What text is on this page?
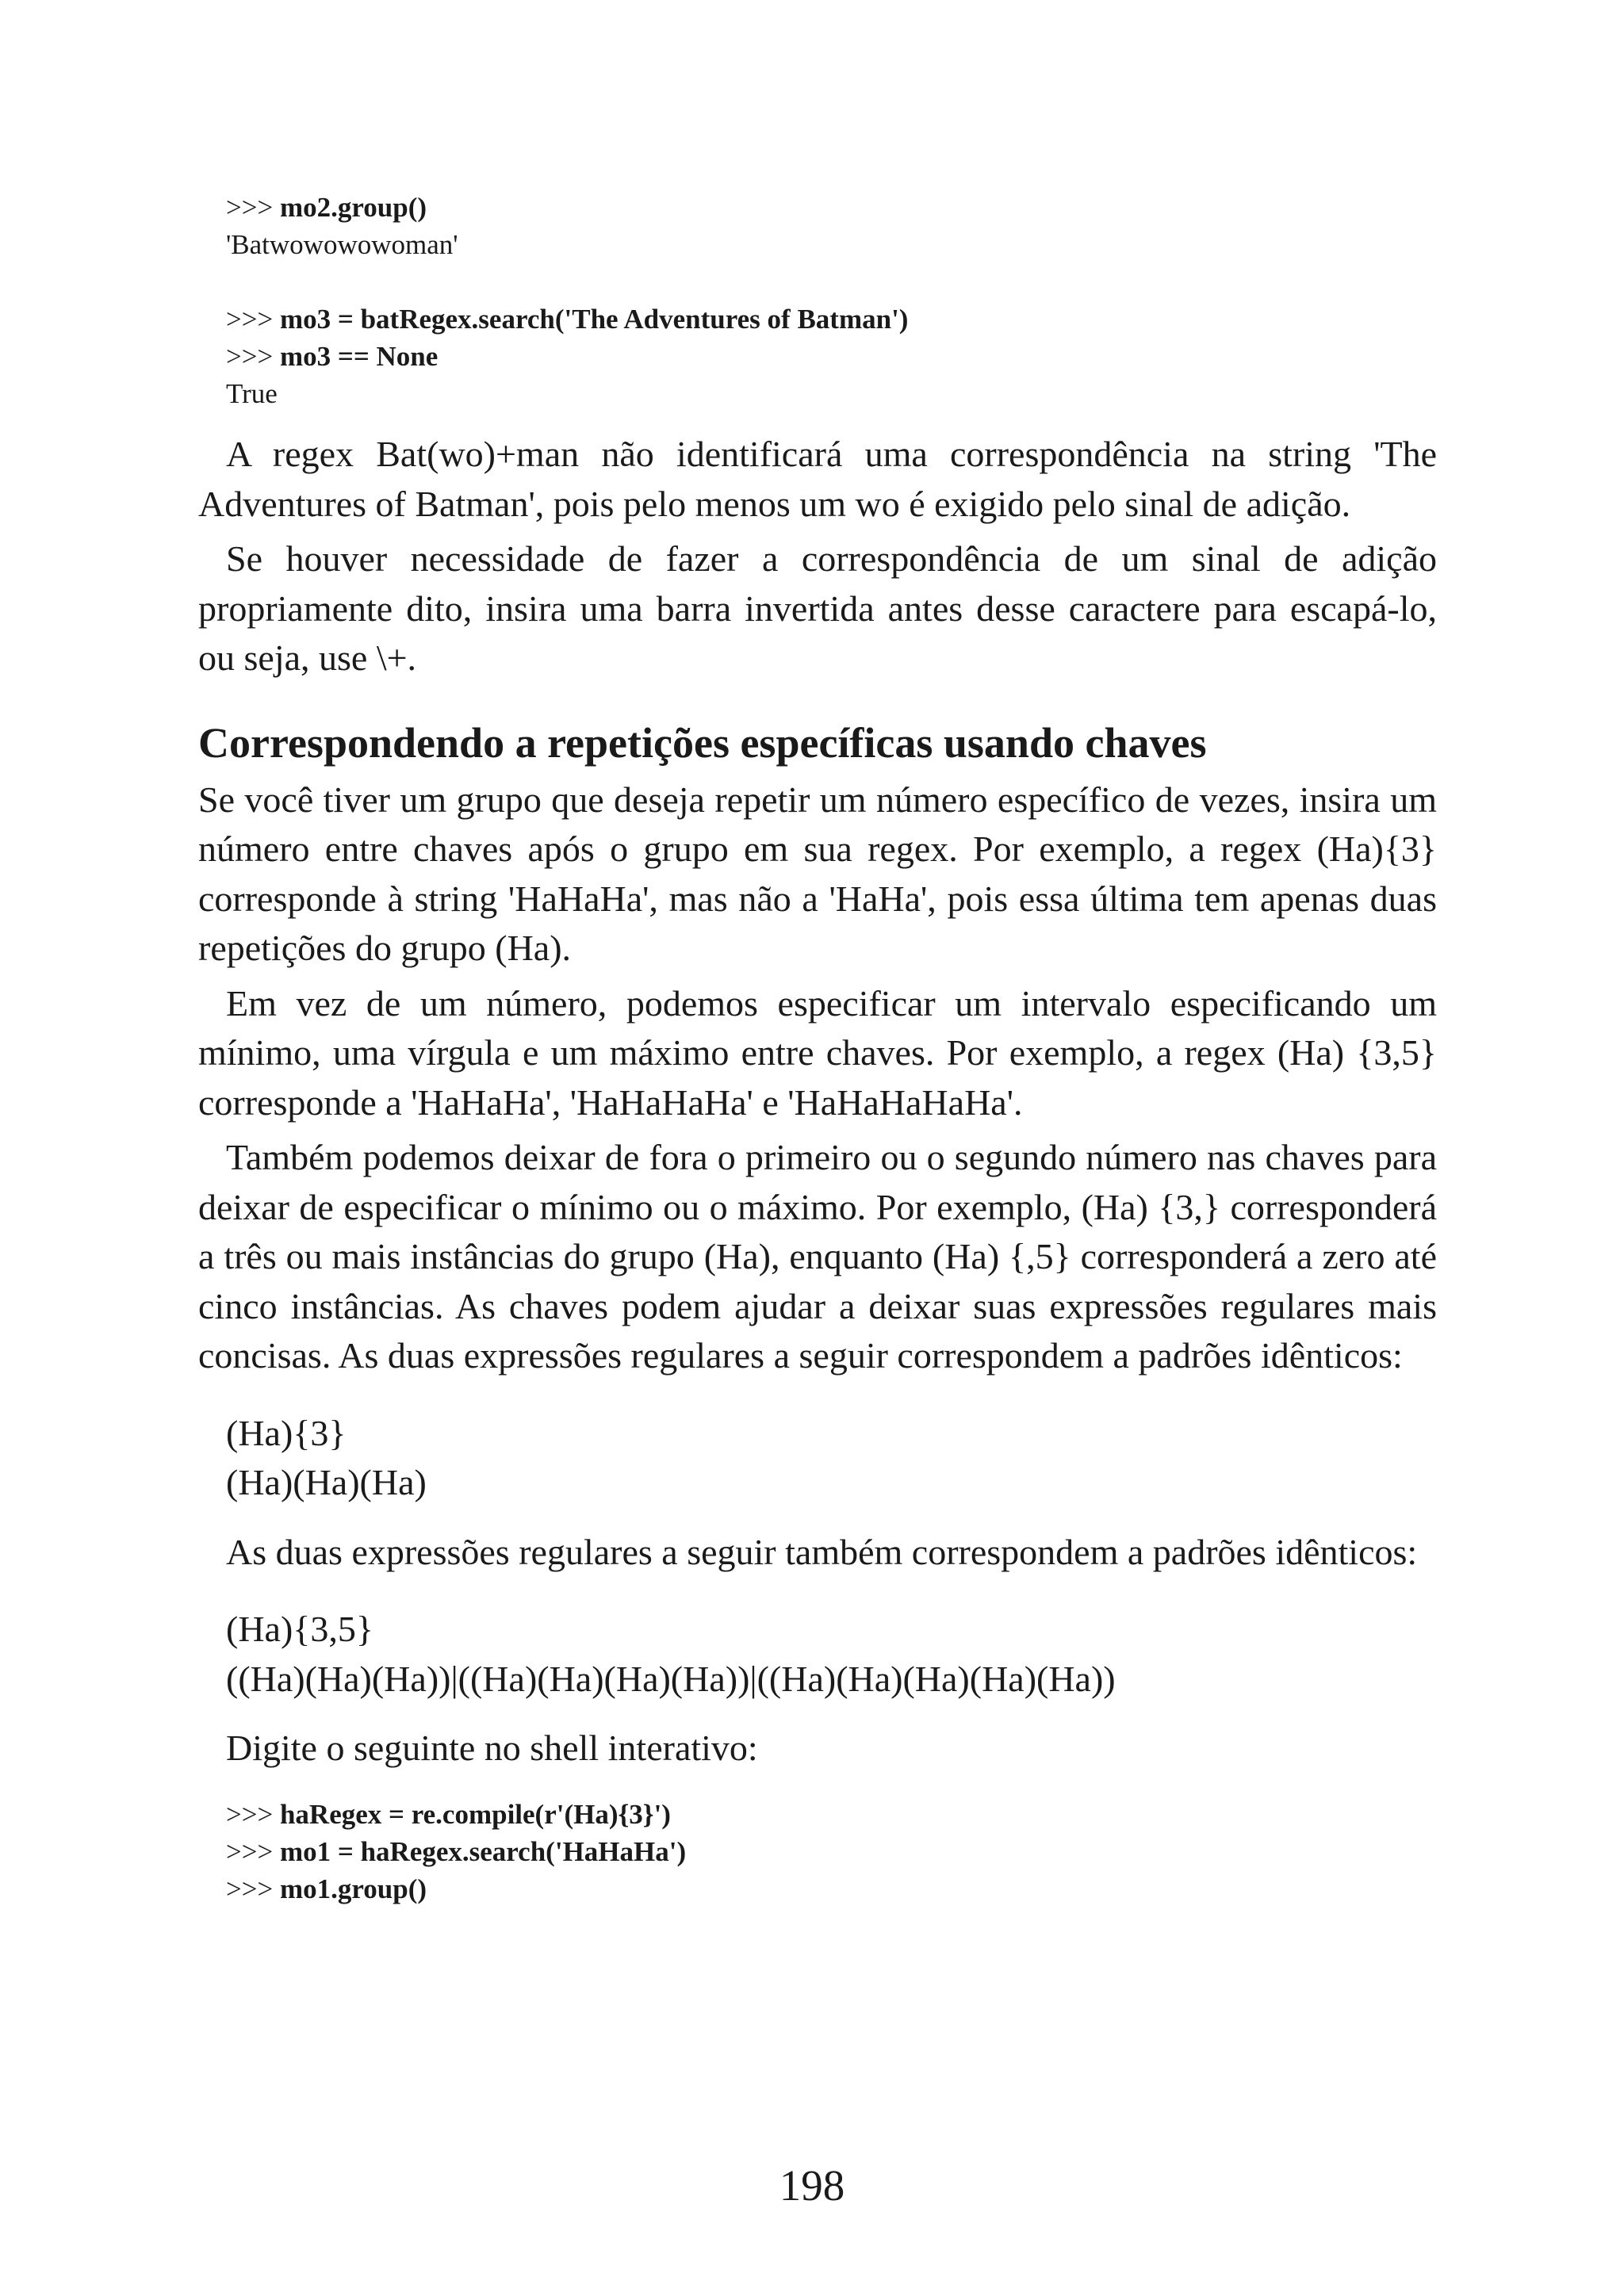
>>> mo2.group()
'Batwowowowoman'
>>> mo3 = batRegex.search('The Adventures of Batman')
>>> mo3 == None
True

A regex Bat(wo)+man não identificará uma correspondência na string 'The Adventures of Batman', pois pelo menos um wo é exigido pelo sinal de adição.

Se houver necessidade de fazer a correspondência de um sinal de adição propriamente dito, insira uma barra invertida antes desse caractere para escapá-lo, ou seja, use \+.

Correspondendo a repetições específicas usando chaves

Se você tiver um grupo que deseja repetir um número específico de vezes, insira um número entre chaves após o grupo em sua regex. Por exemplo, a regex (Ha){3} corresponde à string 'HaHaHa', mas não a 'HaHa', pois essa última tem apenas duas repetições do grupo (Ha).

Em vez de um número, podemos especificar um intervalo especificando um mínimo, uma vírgula e um máximo entre chaves. Por exemplo, a regex (Ha) {3,5} corresponde a 'HaHaHa', 'HaHaHaHa' e 'HaHaHaHaHa'.

Também podemos deixar de fora o primeiro ou o segundo número nas chaves para deixar de especificar o mínimo ou o máximo. Por exemplo, (Ha) {3,} corresponderá a três ou mais instâncias do grupo (Ha), enquanto (Ha) {,5} corresponderá a zero até cinco instâncias. As chaves podem ajudar a deixar suas expressões regulares mais concisas. As duas expressões regulares a seguir correspondem a padrões idênticos:

(Ha){3}
(Ha)(Ha)(Ha)

As duas expressões regulares a seguir também correspondem a padrões idênticos:

(Ha){3,5}
((Ha)(Ha)(Ha))|((Ha)(Ha)(Ha)(Ha))|((Ha)(Ha)(Ha)(Ha)(Ha))

Digite o seguinte no shell interativo:

>>> haRegex = re.compile(r'(Ha){3}')
>>> mo1 = haRegex.search('HaHaHa')
>>> mo1.group()
198
